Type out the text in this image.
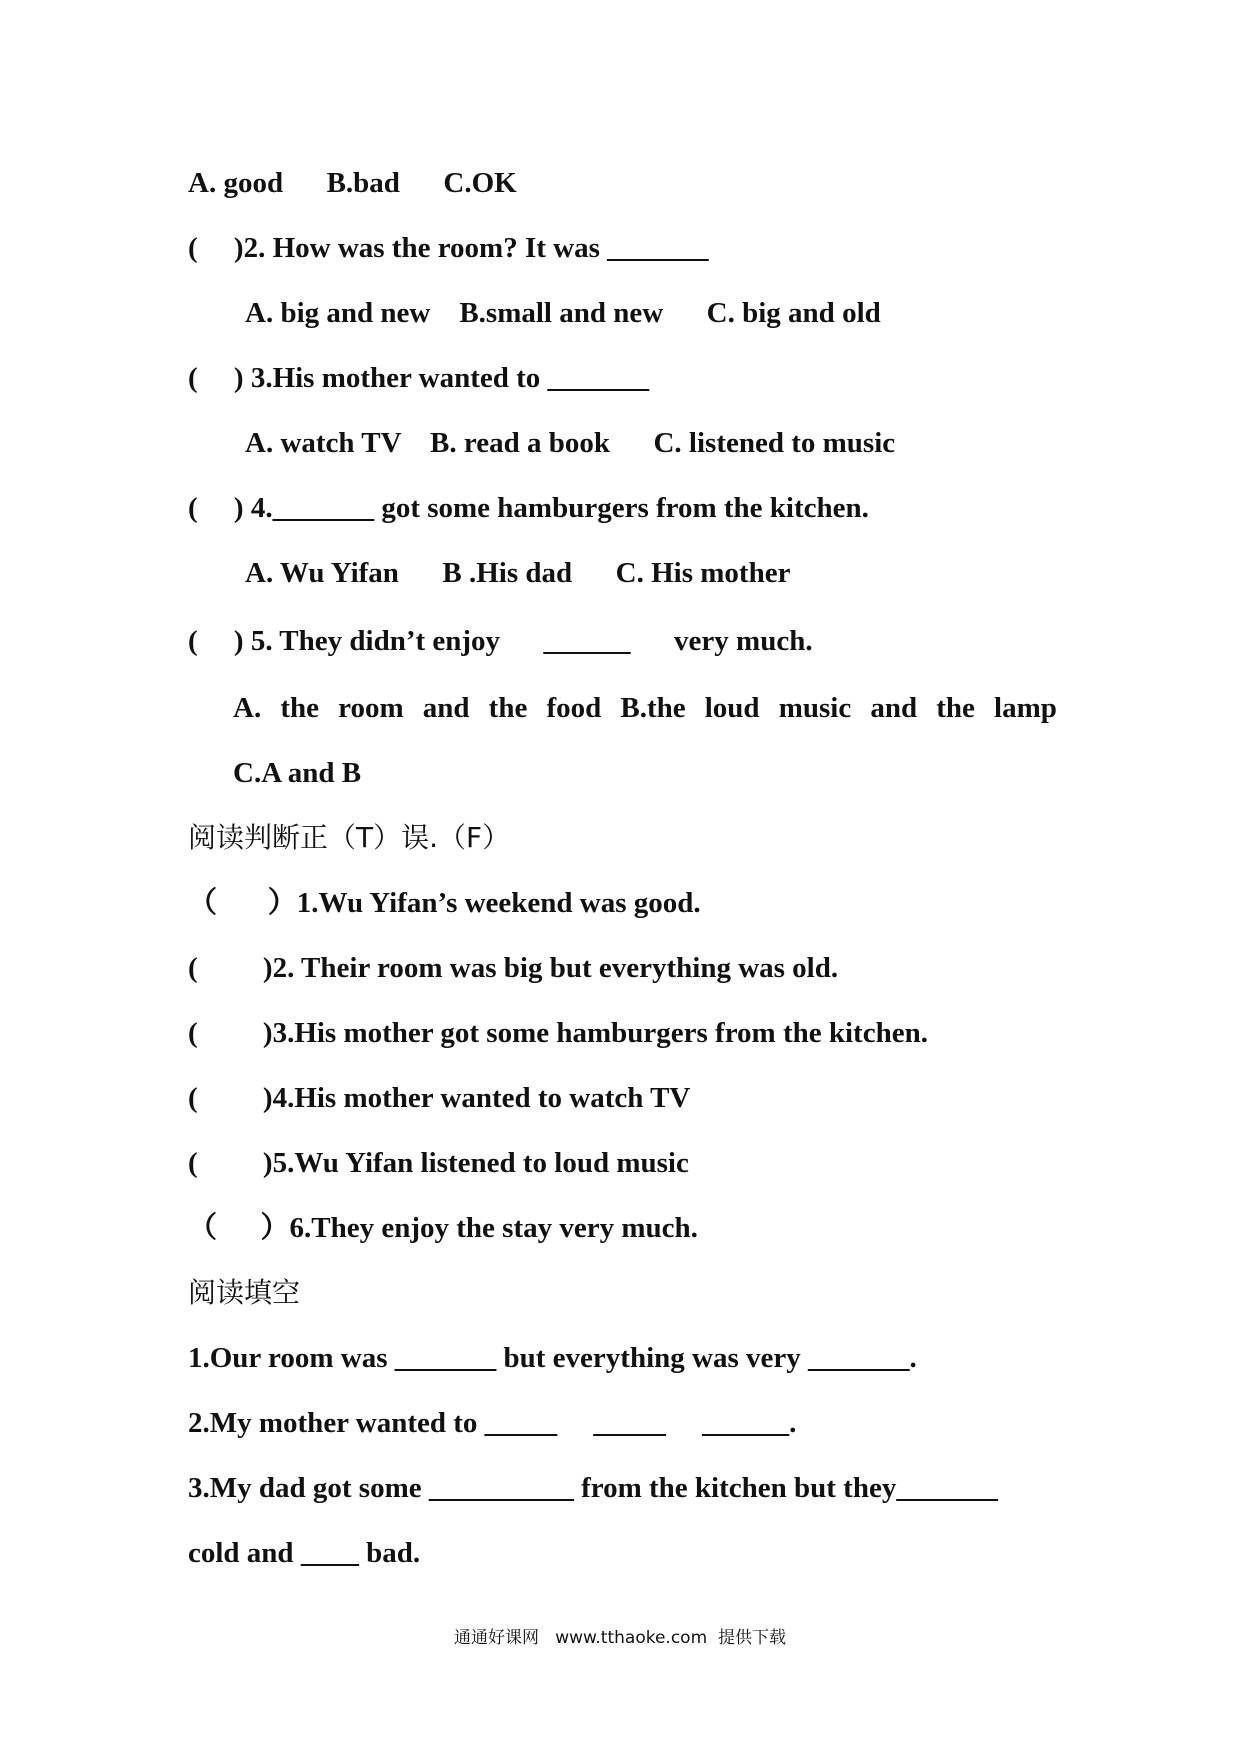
A. good      B.bad      C.OK
(     )2. How was the room? It was _______
A. big and new    B.small and new      C. big and old
(     ) 3.His mother wanted to _______
A. watch TV    B. read a book      C. listened to music
(     ) 4._______ got some hamburgers from the kitchen.
A. Wu Yifan      B .His dad      C. His mother
(     ) 5. They didn’t enjoy      ______      very much.
A. the room and the food B.the loud music and the lamp
C.A and B
阅读判断正（T）误.（F）
（       ）1.Wu Yifan’s weekend was good.
(         )2. Their room was big but everything was old.
(         )3.His mother got some hamburgers from the kitchen.
(         )4.His mother wanted to watch TV
(         )5.Wu Yifan listened to loud music
（      ）6.They enjoy the stay very much.
阅读填空
1.Our room was _______ but everything was very _______.
2.My mother wanted to _____     _____     ______.
3.My dad got some __________ from the kitchen but they_______
cold and ____ bad.
通通好课网   www.tthaoke.com  提供下载
